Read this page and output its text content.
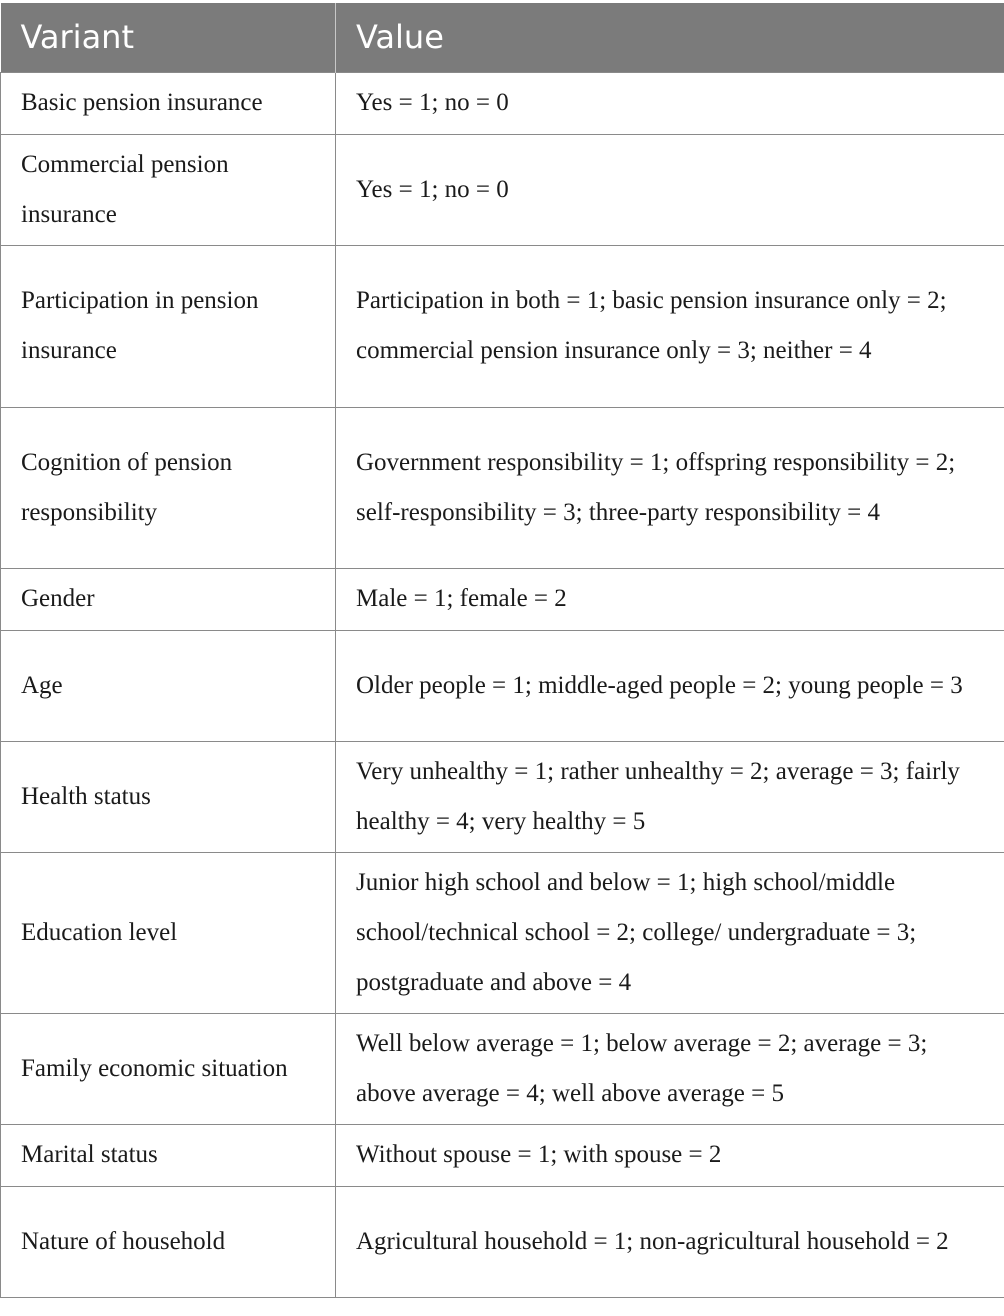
Variant	Value
Basic pension insurance	Yes = 1; no = 0
Commercial pension insurance	Yes = 1; no = 0
Participation in pension insurance	Participation in both = 1; basic pension insurance only = 2; commercial pension insurance only = 3; neither = 4
Cognition of pension responsibility	Government responsibility = 1; offspring responsibility = 2; self-responsibility = 3; three-party responsibility = 4
Gender	Male = 1; female = 2
Age	Older people = 1; middle-aged people = 2; young people = 3
Health status	Very unhealthy = 1; rather unhealthy = 2; average = 3; fairly healthy = 4; very healthy = 5
Education level	Junior high school and below = 1; high school/middle school/technical school = 2; college/ undergraduate = 3; postgraduate and above = 4
Family economic situation	Well below average = 1; below average = 2; average = 3; above average = 4; well above average = 5
Marital status	Without spouse = 1; with spouse = 2
Nature of household	Agricultural household = 1; non-agricultural household = 2
